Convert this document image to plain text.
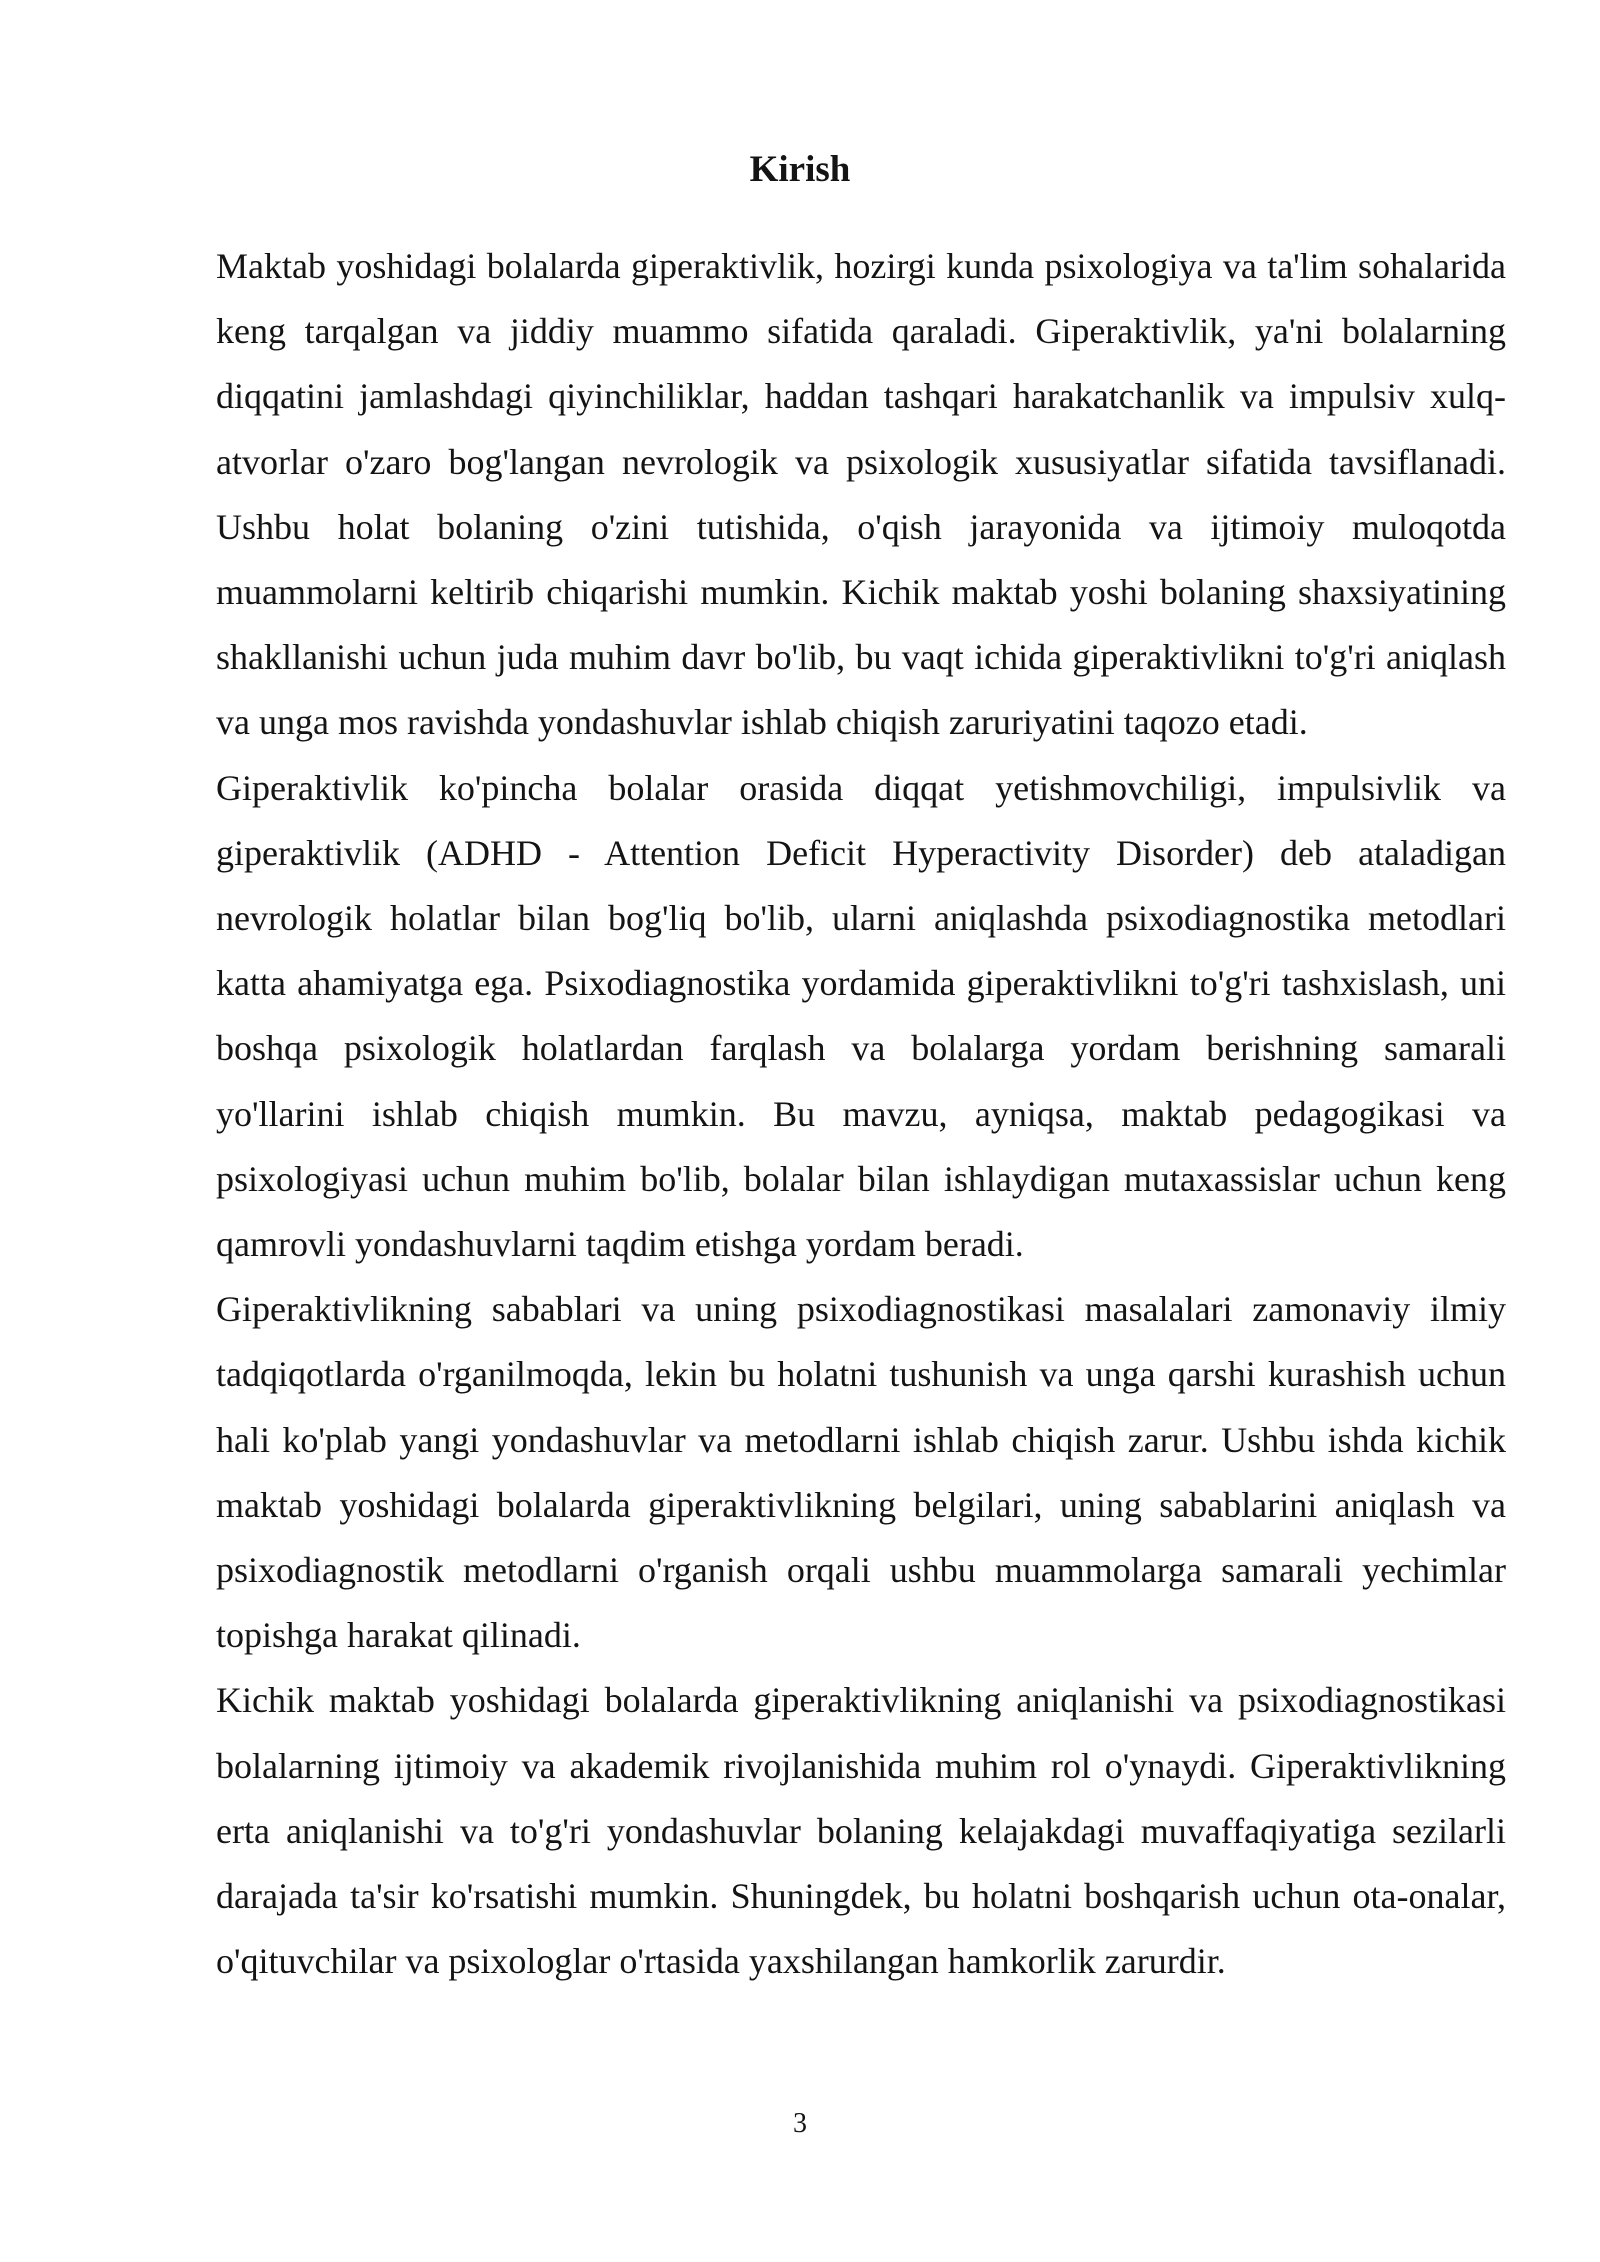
Kirish

Maktab yoshidagi bolalarda giperaktivlik, hozirgi kunda psixologiya va ta'lim sohalarida keng tarqalgan va jiddiy muammo sifatida qaraladi. Giperaktivlik, ya'ni bolalarning diqqatini jamlashdagi qiyinchiliklar, haddan tashqari harakatchanlik va impulsiv xulq-atvorlar o'zaro bog'langan nevrologik va psixologik xususiyatlar sifatida tavsiflanadi. Ushbu holat bolaning o'zini tutishida, o'qish jarayonida va ijtimoiy muloqotda muammolarni keltirib chiqarishi mumkin. Kichik maktab yoshi bolaning shaxsiyatining shakllanishi uchun juda muhim davr bo'lib, bu vaqt ichida giperaktivlikni to'g'ri aniqlash va unga mos ravishda yondashuvlar ishlab chiqish zaruriyatini taqozo etadi.

Giperaktivlik ko'pincha bolalar orasida diqqat yetishmovchiligi, impulsivlik va giperaktivlik (ADHD - Attention Deficit Hyperactivity Disorder) deb ataladigan nevrologik holatlar bilan bog'liq bo'lib, ularni aniqlashda psixodiagnostika metodlari katta ahamiyatga ega. Psixodiagnostika yordamida giperaktivlikni to'g'ri tashxislash, uni boshqa psixologik holatlardan farqlash va bolalarga yordam berishning samarali yo'llarini ishlab chiqish mumkin. Bu mavzu, ayniqsa, maktab pedagogikasi va psixologiyasi uchun muhim bo'lib, bolalar bilan ishlaydigan mutaxassislar uchun keng qamrovli yondashuvlarni taqdim etishga yordam beradi.

Giperaktivlikning sabablari va uning psixodiagnostikasi masalalari zamonaviy ilmiy tadqiqotlarda o'rganilmoqda, lekin bu holatni tushunish va unga qarshi kurashish uchun hali ko'plab yangi yondashuvlar va metodlarni ishlab chiqish zarur. Ushbu ishda kichik maktab yoshidagi bolalarda giperaktivlikning belgilari, uning sabablarini aniqlash va psixodiagnostik metodlarni o'rganish orqali ushbu muammolarga samarali yechimlar topishga harakat qilinadi.

Kichik maktab yoshidagi bolalarda giperaktivlikning aniqlanishi va psixodiagnostikasi bolalarning ijtimoiy va akademik rivojlanishida muhim rol o'ynaydi. Giperaktivlikning erta aniqlanishi va to'g'ri yondashuvlar bolaning kelajakdagi muvaffaqiyatiga sezilarli darajada ta'sir ko'rsatishi mumkin. Shuningdek, bu holatni boshqarish uchun ota-onalar, o'qituvchilar va psixologlar o'rtasida yaxshilangan hamkorlik zarurdir.

3
